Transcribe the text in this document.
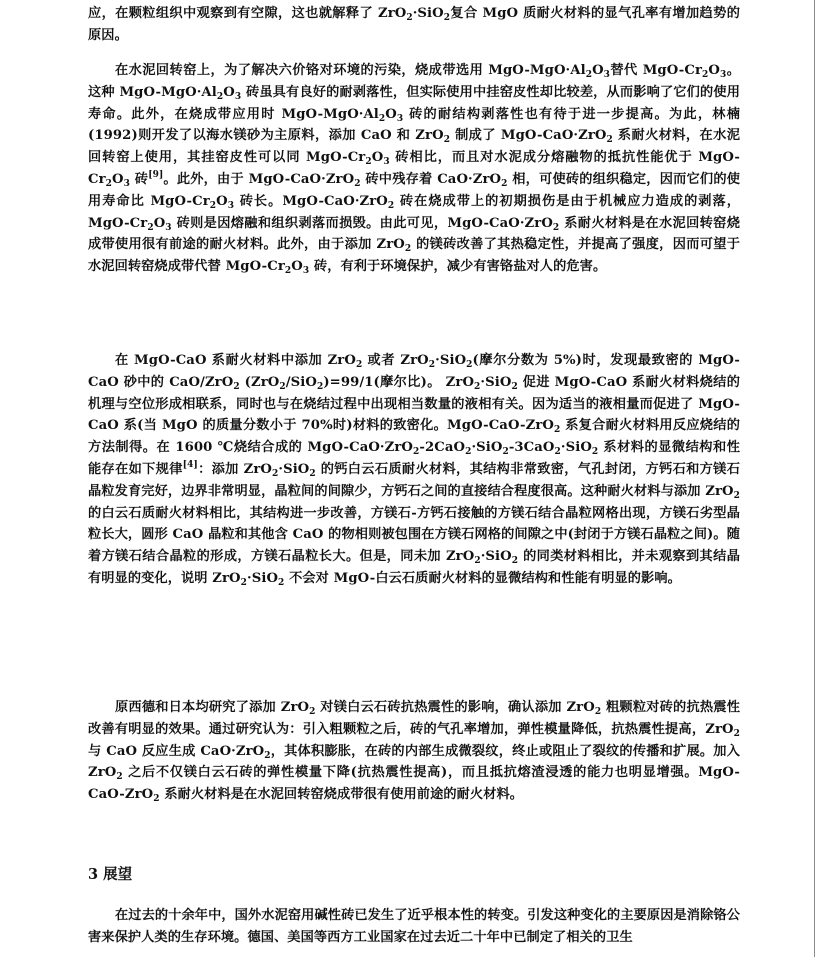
应，在颗粒组织中观察到有空隙，这也就解释了 ZrO$_2$·SiO$_2$复合 MgO 质耐火材料的显气孔率有增加趋势的原因。

在水泥回转窑上，为了解决六价铬对环境的污染，烧成带选用 MgO-$MgO\cdot Al_2O_3$替代 MgO-$Cr_2O_3$。这种 MgO-$MgO\cdot Al_2O_3$ 砖虽具有良好的耐剥落性，但实际使用中挂窑皮性却比较差，从而影响了它们的使用寿命。此外，在烧成带应用时 MgO-$MgO\cdot Al_2O_3$ 砖的耐结构剥落性也有待于进一步提高。为此，林楠(1992)则开发了以海水镁砂为主原料，添加 CaO 和 ZrO$_2$ 制成了 MgO-CaO·ZrO$_2$ 系耐火材料，在水泥回转窑上使用，其挂窑皮性可以同 MgO-$Cr_2O_3$ 砖相比，而且对水泥成分熔融物的抵抗性能优于 MgO-$Cr_2O_3$ 砖[9]。此外，由于 MgO-CaO·ZrO$_2$ 砖中残存着 CaO·ZrO$_2$ 相，可使砖的组织稳定，因而它们的使用寿命比 MgO-$Cr_2O_3$ 砖长。MgO-CaO·ZrO$_2$ 砖在烧成带上的初期损伤是由于机械应力造成的剥落，MgO-$Cr_2O_3$ 砖则是因熔融和组织剥落而损毁。由此可见，MgO-CaO·ZrO$_2$ 系耐火材料是在水泥回转窑烧成带使用很有前途的耐火材料。此外，由于添加 ZrO$_2$ 的镁砖改善了其热稳定性，并提高了强度，因而可望于水泥回转窑烧成带代替 MgO-$Cr_2O_3$ 砖，有利于环境保护，减少有害铬盐对人的危害。

在 MgO-CaO 系耐火材料中添加 ZrO$_2$ 或者 ZrO$_2$·SiO$_2$(摩尔分数为 5%)时，发现最致密的 MgO-CaO 砂中的 CaO/ZrO$_2$ (ZrO$_2$/SiO$_2$)=99/1(摩尔比)。 ZrO$_2$·SiO$_2$ 促进 MgO-CaO 系耐火材料烧结的机理与空位形成相联系，同时也与在烧结过程中出现相当数量的液相有关。因为适当的液相量而促进了 MgO-CaO 系(当 MgO 的质量分数小于 70%时)材料的致密化。MgO-CaO-ZrO$_2$ 系复合耐火材料用反应烧结的方法制得。在 1600 ℃烧结合成的 MgO-CaO·ZrO$_2$-2CaO$_2$·SiO$_2$-3CaO$_2$·SiO$_2$ 系材料的显微结构和性能存在如下规律[4]：添加 ZrO$_2$·SiO$_2$ 的钙白云石质耐火材料，其结构非常致密，气孔封闭，方钙石和方镁石晶粒发育完好，边界非常明显，晶粒间的间隙少，方钙石之间的直接结合程度很高。这种耐火材料与添加 ZrO$_2$ 的白云石质耐火材料相比，其结构进一步改善，方镁石-方钙石接触的方镁石结合晶粒网格出现，方镁石劣型晶粒长大，圆形 CaO 晶粒和其他含 CaO 的物相则被包围在方镁石网格的间隙之中(封闭于方镁石晶粒之间)。随着方镁石结合晶粒的形成，方镁石晶粒长大。但是，同未加 ZrO$_2$·SiO$_2$ 的同类材料相比，并未观察到其结晶有明显的变化，说明 ZrO$_2$·SiO$_2$ 不会对 MgO-白云石质耐火材料的显微结构和性能有明显的影响。

原西德和日本均研究了添加 ZrO$_2$ 对镁白云石砖抗热震性的影响，确认添加 ZrO$_2$ 粗颗粒对砖的抗热震性改善有明显的效果。通过研究认为：引入粗颗粒之后，砖的气孔率增加，弹性模量降低，抗热震性提高，ZrO$_2$ 与 CaO 反应生成 CaO·ZrO$_2$，其体积膨胀，在砖的内部生成微裂纹，终止或阻止了裂纹的传播和扩展。加入 ZrO$_2$ 之后不仅镁白云石砖的弹性模量下降(抗热震性提高)，而且抵抗熔渣浸透的能力也明显增强。MgO-CaO-ZrO$_2$ 系耐火材料是在水泥回转窑烧成带很有使用前途的耐火材料。

3 展望

在过去的十余年中，国外水泥窑用碱性砖已发生了近乎根本性的转变。引发这种变化的主要原因是消除铬公害来保护人类的生存环境。德国、美国等西方工业国家在过去近二十年中已制定了相关的卫生
